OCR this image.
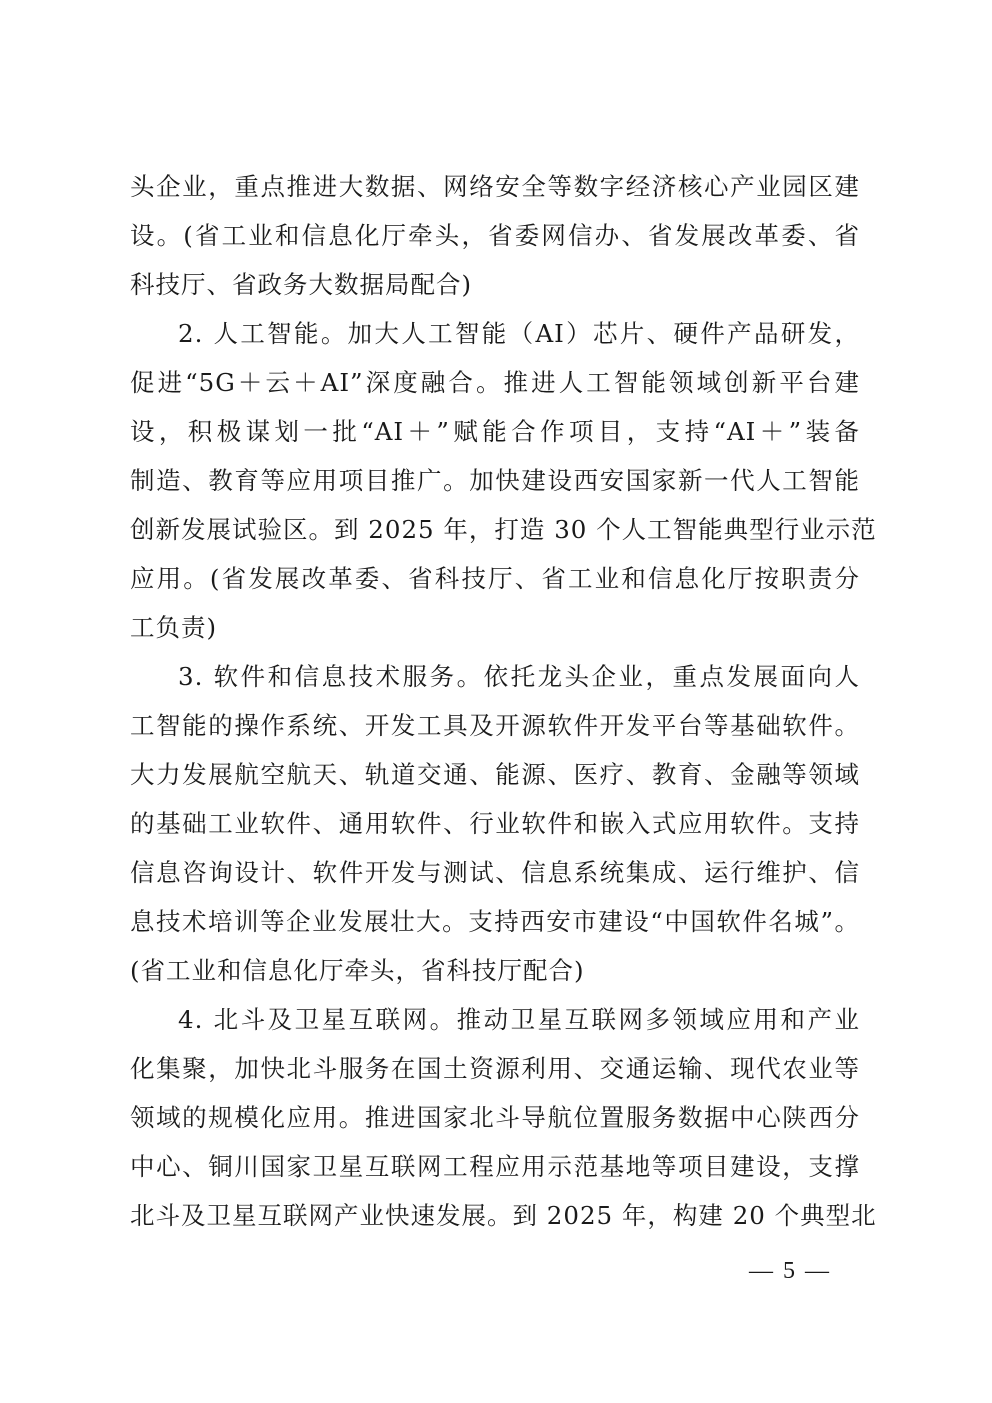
头企业，重点推进大数据、网络安全等数字经济核心产业园区建
设。(省工业和信息化厅牵头，省委网信办、省发展改革委、省
科技厅、省政务大数据局配合)
2. 人工智能。加大人工智能（AI）芯片、硬件产品研发，
促进“5G＋云＋AI”深度融合。推进人工智能领域创新平台建
设，积极谋划一批“AI＋”赋能合作项目，支持“AI＋”装备
制造、教育等应用项目推广。加快建设西安国家新一代人工智能
创新发展试验区。到 2025 年，打造 30 个人工智能典型行业示范
应用。(省发展改革委、省科技厅、省工业和信息化厅按职责分
工负责)
3. 软件和信息技术服务。依托龙头企业，重点发展面向人
工智能的操作系统、开发工具及开源软件开发平台等基础软件。
大力发展航空航天、轨道交通、能源、医疗、教育、金融等领域
的基础工业软件、通用软件、行业软件和嵌入式应用软件。支持
信息咨询设计、软件开发与测试、信息系统集成、运行维护、信
息技术培训等企业发展壮大。支持西安市建设“中国软件名城”。
(省工业和信息化厅牵头，省科技厅配合)
4. 北斗及卫星互联网。推动卫星互联网多领域应用和产业
化集聚，加快北斗服务在国土资源利用、交通运输、现代农业等
领域的规模化应用。推进国家北斗导航位置服务数据中心陕西分
中心、铜川国家卫星互联网工程应用示范基地等项目建设，支撑
北斗及卫星互联网产业快速发展。到 2025 年，构建 20 个典型北
— 5 —
